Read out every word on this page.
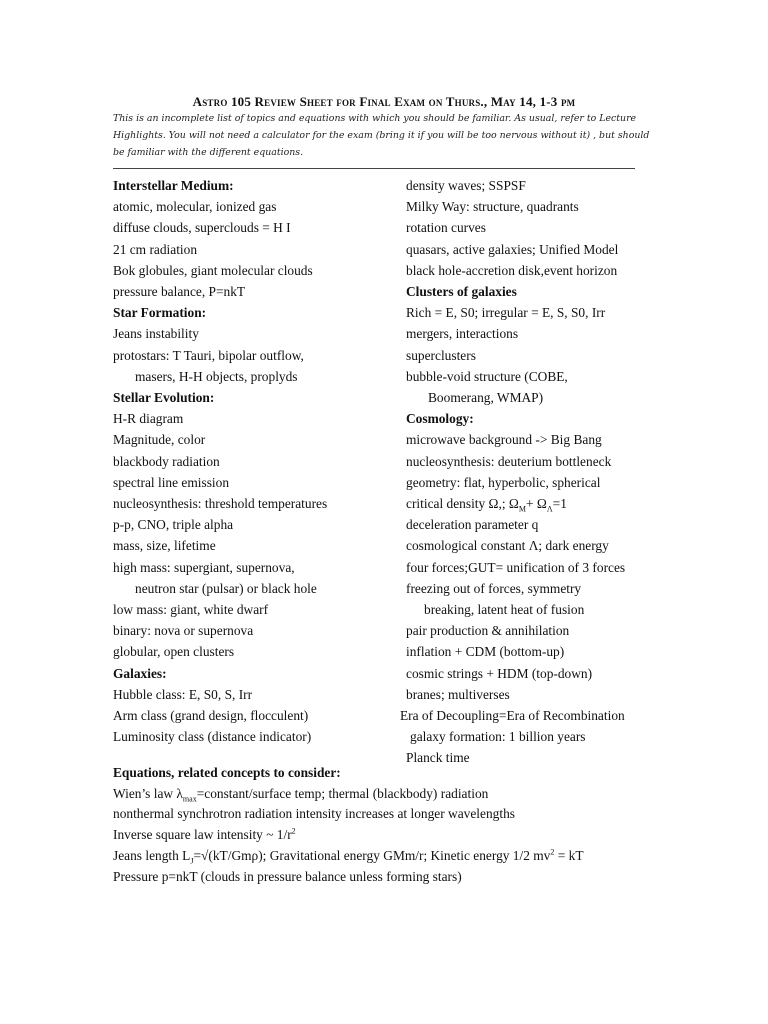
Astro 105 Review Sheet for Final Exam on Thurs., May 14, 1-3 pm
This is an incomplete list of topics and equations with which you should be familiar. As usual, refer to Lecture Highlights. You will not need a calculator for the exam (bring it if you will be too nervous without it) , but should be familiar with the different equations.
Interstellar Medium:
atomic, molecular, ionized gas
diffuse clouds, superclouds = H I
21 cm radiation
Bok globules, giant molecular clouds
pressure balance, P=nkT
Star Formation:
Jeans instability
protostars: T Tauri, bipolar outflow,
masers, H-H objects, proplyds
Stellar Evolution:
H-R diagram
Magnitude, color
blackbody radiation
spectral line emission
nucleosynthesis: threshold temperatures
p-p, CNO, triple alpha
mass, size, lifetime
high mass: supergiant, supernova,
neutron star (pulsar) or black hole
low mass: giant, white dwarf
binary: nova or supernova
globular, open clusters
Galaxies:
Hubble class: E, S0, S, Irr
Arm class (grand design, flocculent)
Luminosity class (distance indicator)
density waves; SSPSF
Milky Way: structure, quadrants
rotation curves
quasars, active galaxies; Unified Model
black hole-accretion disk,event horizon
Clusters of galaxies
Rich = E, S0; irregular = E, S, S0, Irr
mergers, interactions
superclusters
bubble-void structure (COBE,
Boomerang, WMAP)
Cosmology:
microwave background -> Big Bang
nucleosynthesis: deuterium bottleneck
geometry: flat, hyperbolic, spherical
critical density Ω,; $\Omega_M+ \Omega_\Lambda=1$
deceleration parameter q
cosmological constant Λ; dark energy
four forces;GUT= unification of 3 forces
freezing out of forces, symmetry
breaking, latent heat of fusion
pair production & annihilation
inflation + CDM (bottom-up)
cosmic strings + HDM (top-down)
branes; multiverses
Era of Decoupling=Era of Recombination
galaxy formation: 1 billion years
Planck time
Equations, related concepts to consider:
Wien’s law $\lambda_{max}=constant$/surface temp; thermal (blackbody) radiation
nonthermal synchrotron radiation intensity increases at longer wavelengths
Inverse square law intensity ~ $1/r^2$
Jeans length $L_J=√(kT/Gm\rho)$; Gravitational energy GMm/r; Kinetic energy 1/2 $mv^2$ = kT
Pressure p=nkT (clouds in pressure balance unless forming stars)
